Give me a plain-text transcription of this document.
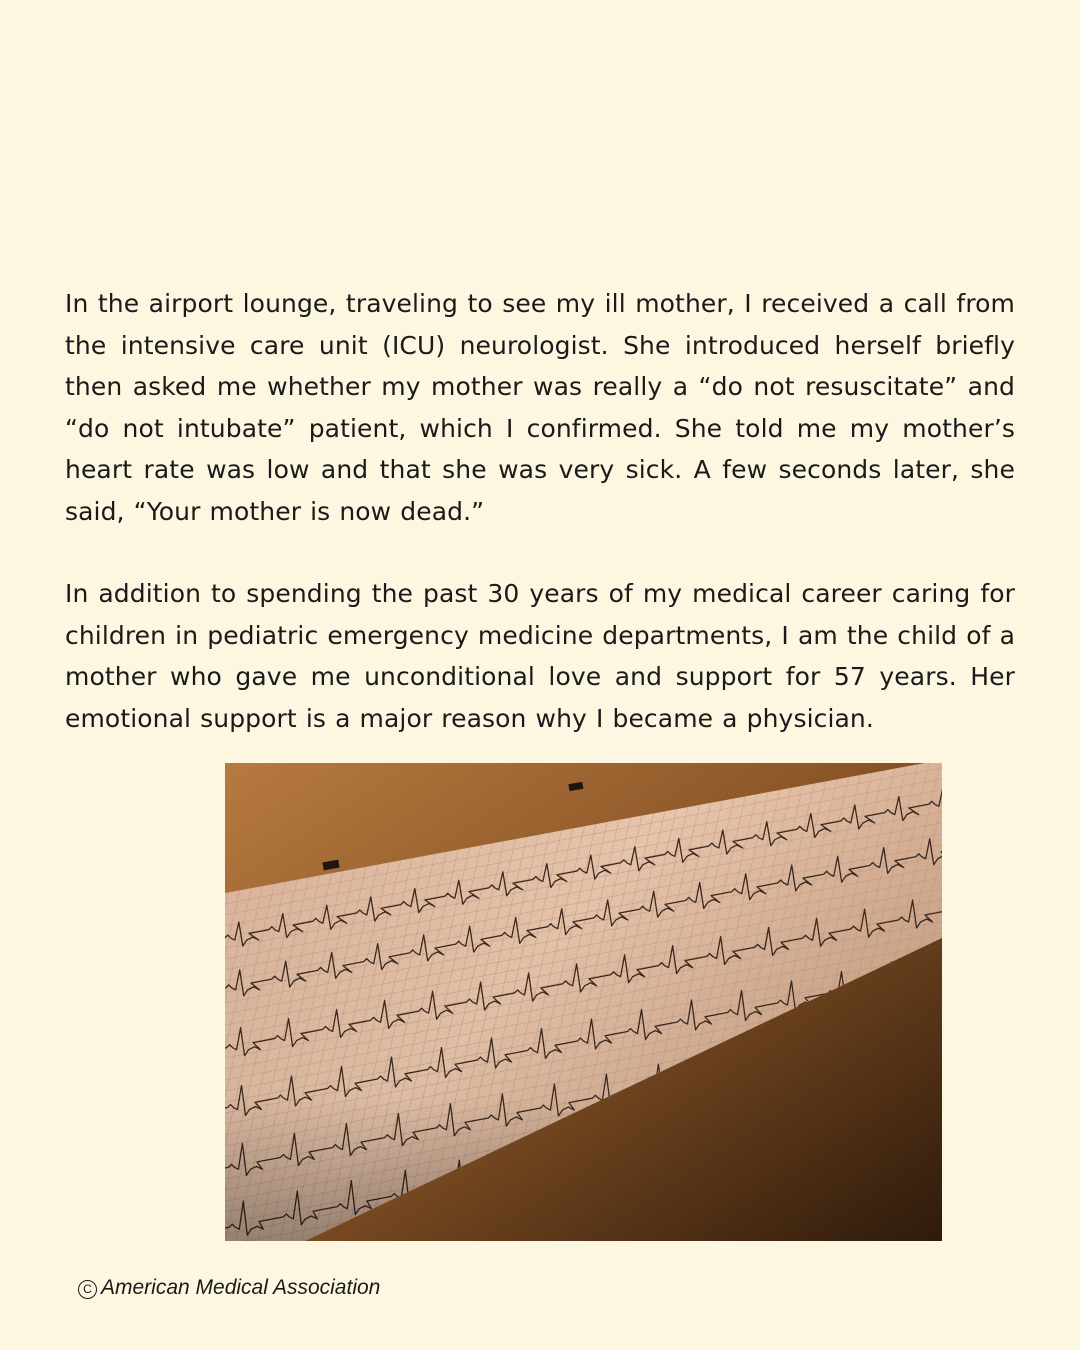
In the airport lounge, traveling to see my ill mother, I received a call from the intensive care unit (ICU) neurologist. She introduced herself briefly then asked me whether my mother was really a “do not resuscitate” and “do not intubate” patient, which I confirmed. She told me my mother’s heart rate was low and that she was very sick. A few seconds later, she said, “Your mother is now dead.”

In addition to spending the past 30 years of my medical career caring for children in pediatric emergency medicine departments, I am the child of a mother who gave me unconditional love and support for 57 years. Her emotional support is a major reason why I became a physician.

C American Medical Association
